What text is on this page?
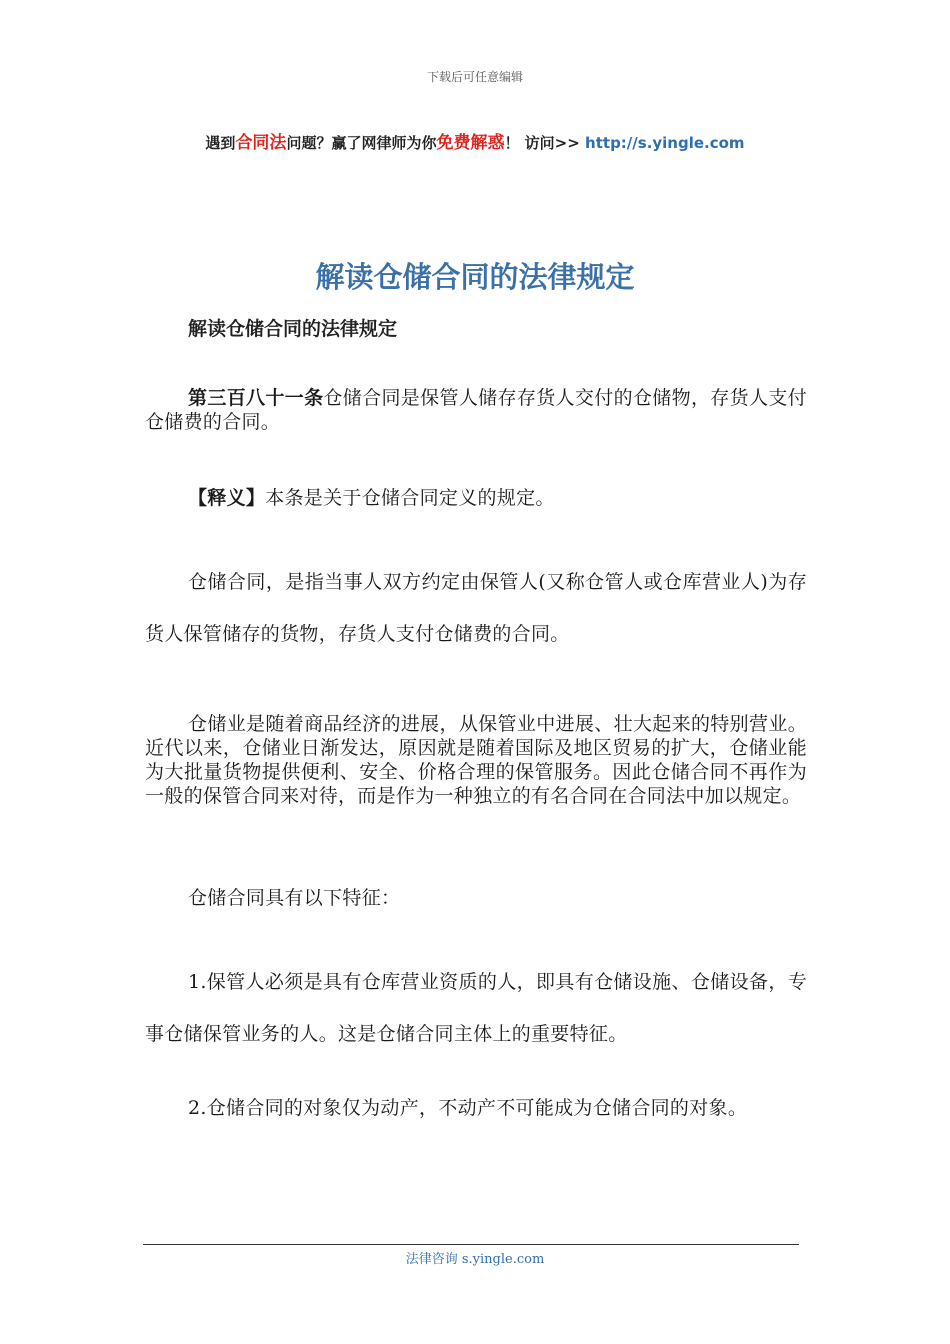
下载后可任意编辑
遇到合同法问题？赢了网律师为你免费解惑！ 访问>> http://s.yingle.com
解读仓储合同的法律规定
解读仓储合同的法律规定
第三百八十一条仓储合同是保管人储存存货人交付的仓储物，存货人支付仓储费的合同。
【释义】本条是关于仓储合同定义的规定。
仓储合同，是指当事人双方约定由保管人(又称仓管人或仓库营业人)为存货人保管储存的货物，存货人支付仓储费的合同。
仓储业是随着商品经济的进展，从保管业中进展、壮大起来的特别营业。近代以来，仓储业日渐发达，原因就是随着国际及地区贸易的扩大，仓储业能为大批量货物提供便利、安全、价格合理的保管服务。因此仓储合同不再作为一般的保管合同来对待，而是作为一种独立的有名合同在合同法中加以规定。
仓储合同具有以下特征：
1.保管人必须是具有仓库营业资质的人，即具有仓储设施、仓储设备，专事仓储保管业务的人。这是仓储合同主体上的重要特征。
2.仓储合同的对象仅为动产，不动产不可能成为仓储合同的对象。
法律咨询 s.yingle.com
